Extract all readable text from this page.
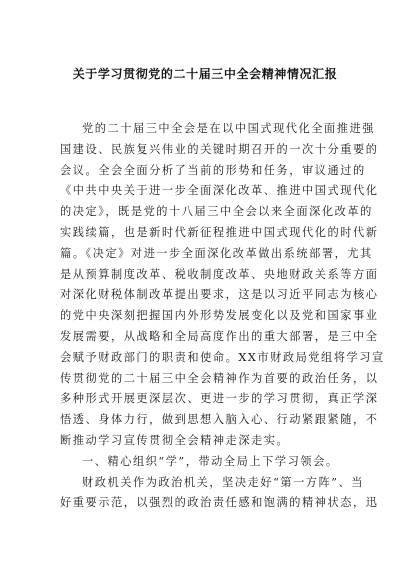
关于学习贯彻党的二十届三中全会精神情况汇报
党的二十届三中全会是在以中国式现代化全面推进强
国建设、民族复兴伟业的关键时期召开的一次十分重要的
会议。全会全面分析了当前的形势和任务，审议通过的
《中共中央关于进一步全面深化改革、推进中国式现代化
的决定》，既是党的十八届三中全会以来全面深化改革的
实践续篇，也是新时代新征程推进中国式现代化的时代新
篇。《决定》对进一步全面深化改革做出系统部署，尤其
是从预算制度改革、税收制度改革、央地财政关系等方面
对深化财税体制改革提出要求，这是以习近平同志为核心
的党中央深刻把握国内外形势发展变化以及党和国家事业
发展需要，从战略和全局高度作出的重大部署，是三中全
会赋予财政部门的职责和使命。XX市财政局党组将学习宣
传贯彻党的二十届三中全会精神作为首要的政治任务，以
多种形式开展更深层次、更进一步的学习贯彻，真正学深
悟透、身体力行，做到思想入脑入心、行动紧跟紧随，不
断推动学习宣传贯彻全会精神走深走实。
一、精心组织“学”，带动全局上下学习领会。
财政机关作为政治机关，坚决走好“第一方阵”、当
好重要示范，以强烈的政治责任感和饱满的精神状态，迅
